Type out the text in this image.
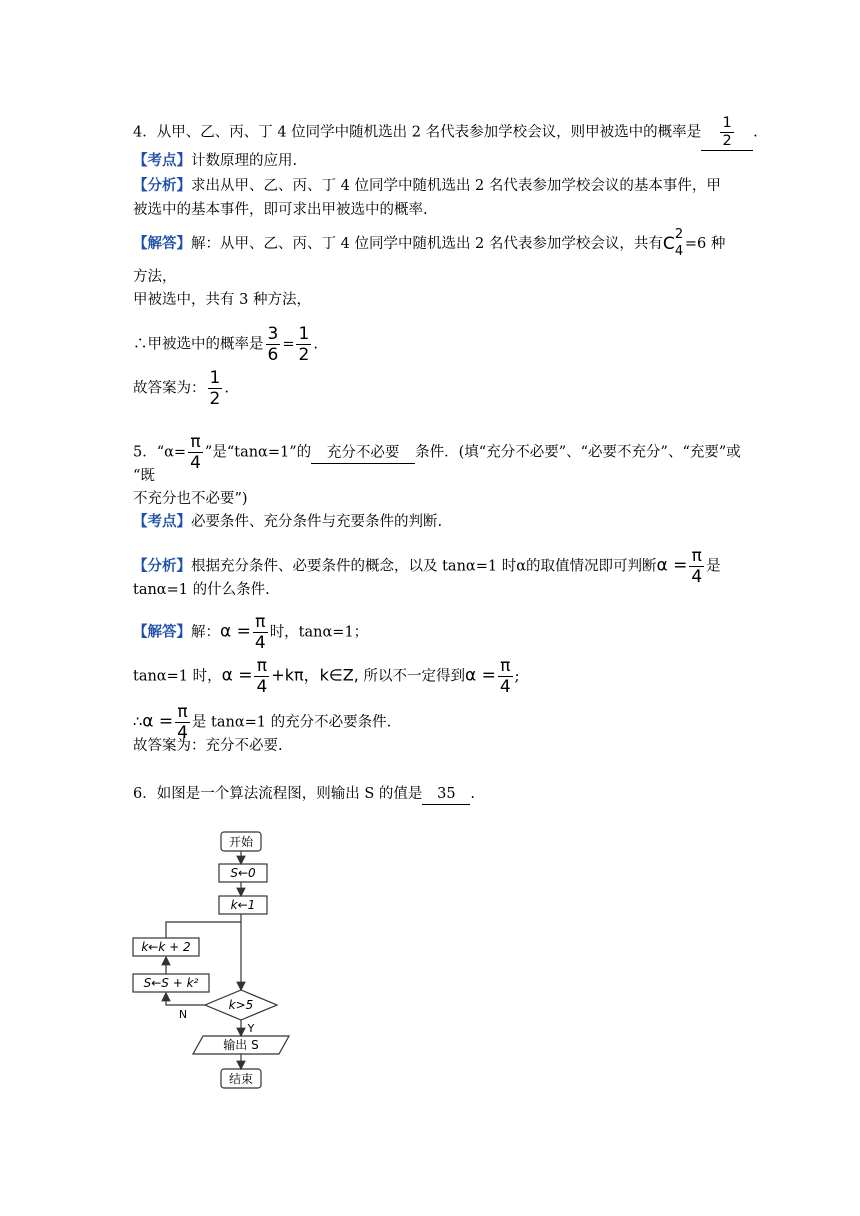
4．从甲、乙、丙、丁 4 位同学中随机选出 2 名代表参加学校会议，则甲被选中的概率是 $\frac{1}{2}$ .
【考点】计数原理的应用.
【分析】求出从甲、乙、丙、丁 4 位同学中随机选出 2 名代表参加学校会议的基本事件，甲
被选中的基本事件，即可求出甲被选中的概率.
【解答】解：从甲、乙、丙、丁 4 位同学中随机选出 2 名代表参加学校会议，共有 C 2
4 =6 种
方法，
甲被选中，共有 3 种方法，
∴甲被选中的概率是 $\frac{3}{6} = \frac{1}{2}$ .
故答案为： $\frac{1}{2}$ .
5．“$\alpha= \frac{\pi}{4}$ ”是“tanα=1”的 充分不必要 条件．(填“充分不必要”、“必要不充分”、“充要”或
“既
不充分也不必要”)
【考点】必要条件、充分条件与充要条件的判断.
【分析】根据充分条件、必要条件的概念，以及 tanα=1 时α的取值情况即可判断$\alpha = \frac{\pi}{4}$ 是
tanα=1 的什么条件.
【解答】解：$\alpha = \frac{\pi}{4}$ 时，tanα=1；
tanα=1 时，$\alpha = \frac{\pi}{4} +k\pi$，k∈Z, 所以不一定得到$\alpha = \frac{\pi}{4}$ ;
∴α = $\frac{\pi}{4}$ 是 tanα=1 的充分不必要条件.
故答案为：充分不必要.
6．如图是一个算法流程图，则输出 S 的值是 35 .
开始
S←0
k←1
k←k + 2
S←S + k²
k>5
N
Y
输出 S
结束
